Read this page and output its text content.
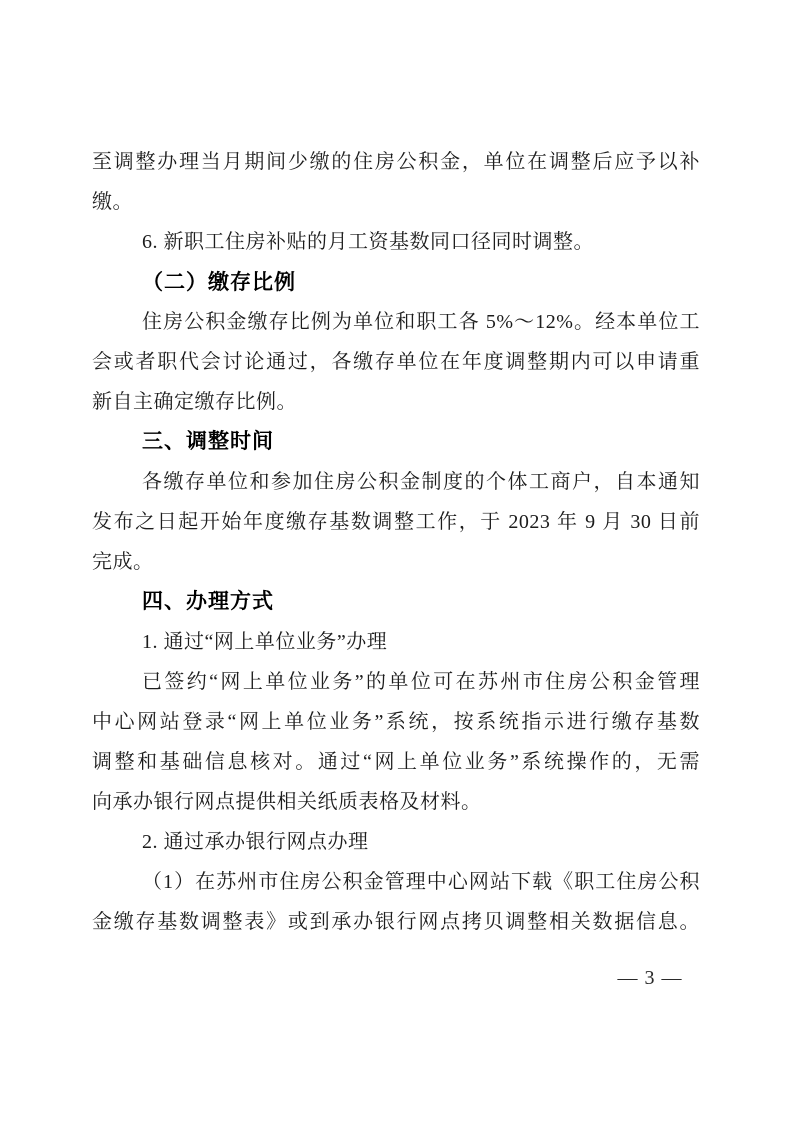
至调整办理当月期间少缴的住房公积金，单位在调整后应予以补
缴。
6. 新职工住房补贴的月工资基数同口径同时调整。
（二）缴存比例
住房公积金缴存比例为单位和职工各 5%～12%。经本单位工
会或者职代会讨论通过，各缴存单位在年度调整期内可以申请重
新自主确定缴存比例。
三、调整时间
各缴存单位和参加住房公积金制度的个体工商户，自本通知
发布之日起开始年度缴存基数调整工作，于 2023 年 9 月 30 日前
完成。
四、办理方式
1. 通过“网上单位业务”办理
已签约“网上单位业务”的单位可在苏州市住房公积金管理
中心网站登录“网上单位业务”系统，按系统指示进行缴存基数
调整和基础信息核对。通过“网上单位业务”系统操作的，无需
向承办银行网点提供相关纸质表格及材料。
2. 通过承办银行网点办理
（1）在苏州市住房公积金管理中心网站下载《职工住房公积
金缴存基数调整表》或到承办银行网点拷贝调整相关数据信息。
— 3 —
